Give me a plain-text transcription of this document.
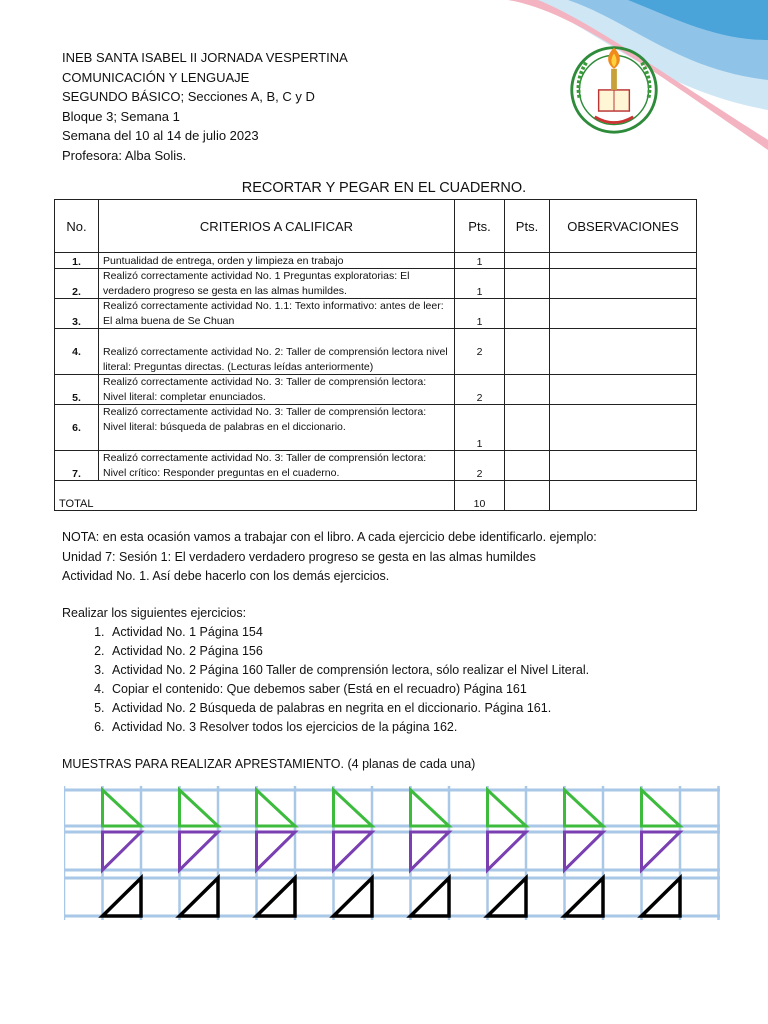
INEB SANTA ISABEL II JORNADA VESPERTINA
COMUNICACIÓN Y LENGUAJE
SEGUNDO BÁSICO; Secciones A, B, C y D
Bloque 3; Semana 1
Semana del 10 al 14 de julio 2023
Profesora: Alba Solis.
RECORTAR Y PEGAR EN EL CUADERNO.
No.	CRITERIOS A CALIFICAR	Pts.	Pts.	OBSERVACIONES
1.	Puntualidad de entrega, orden y limpieza en trabajo	1		
2.	Realizó correctamente actividad No. 1 Preguntas exploratorias: El verdadero progreso se gesta en las almas humildes.	1		
3.	Realizó correctamente actividad No. 1.1: Texto informativo: antes de leer: El alma buena de Se Chuan	1		
4.	Realizó correctamente actividad No. 2: Taller de comprensión lectora nivel literal: Preguntas directas. (Lecturas leídas anteriormente)	2		
5.	Realizó correctamente actividad No. 3: Taller de comprensión lectora: Nivel literal: completar enunciados.	2		
6.	Realizó correctamente actividad No. 3: Taller de comprensión lectora: Nivel literal: búsqueda de palabras en el diccionario.	1		
7.	Realizó correctamente actividad No. 3: Taller de comprensión lectora: Nivel crítico: Responder preguntas en el cuaderno.	2		
TOTAL		10		
NOTA: en esta ocasión vamos a trabajar con el libro. A cada ejercicio debe identificarlo. ejemplo:
Unidad 7: Sesión 1: El verdadero verdadero progreso se gesta en las almas humildes
Actividad No. 1. Así debe hacerlo con los demás ejercicios.
Realizar los siguientes ejercicios:
1. Actividad No. 1 Página 154
2. Actividad No. 2 Página 156
3. Actividad No. 2 Página 160 Taller de comprensión lectora, sólo realizar el Nivel Literal.
4. Copiar el contenido: Que debemos saber (Está en el recuadro) Página 161
5. Actividad No. 2 Búsqueda de palabras en negrita en el diccionario. Página 161.
6. Actividad No. 3 Resolver todos los ejercicios de la página 162.
MUESTRAS PARA REALIZAR APRESTAMIENTO. (4 planas de cada una)
